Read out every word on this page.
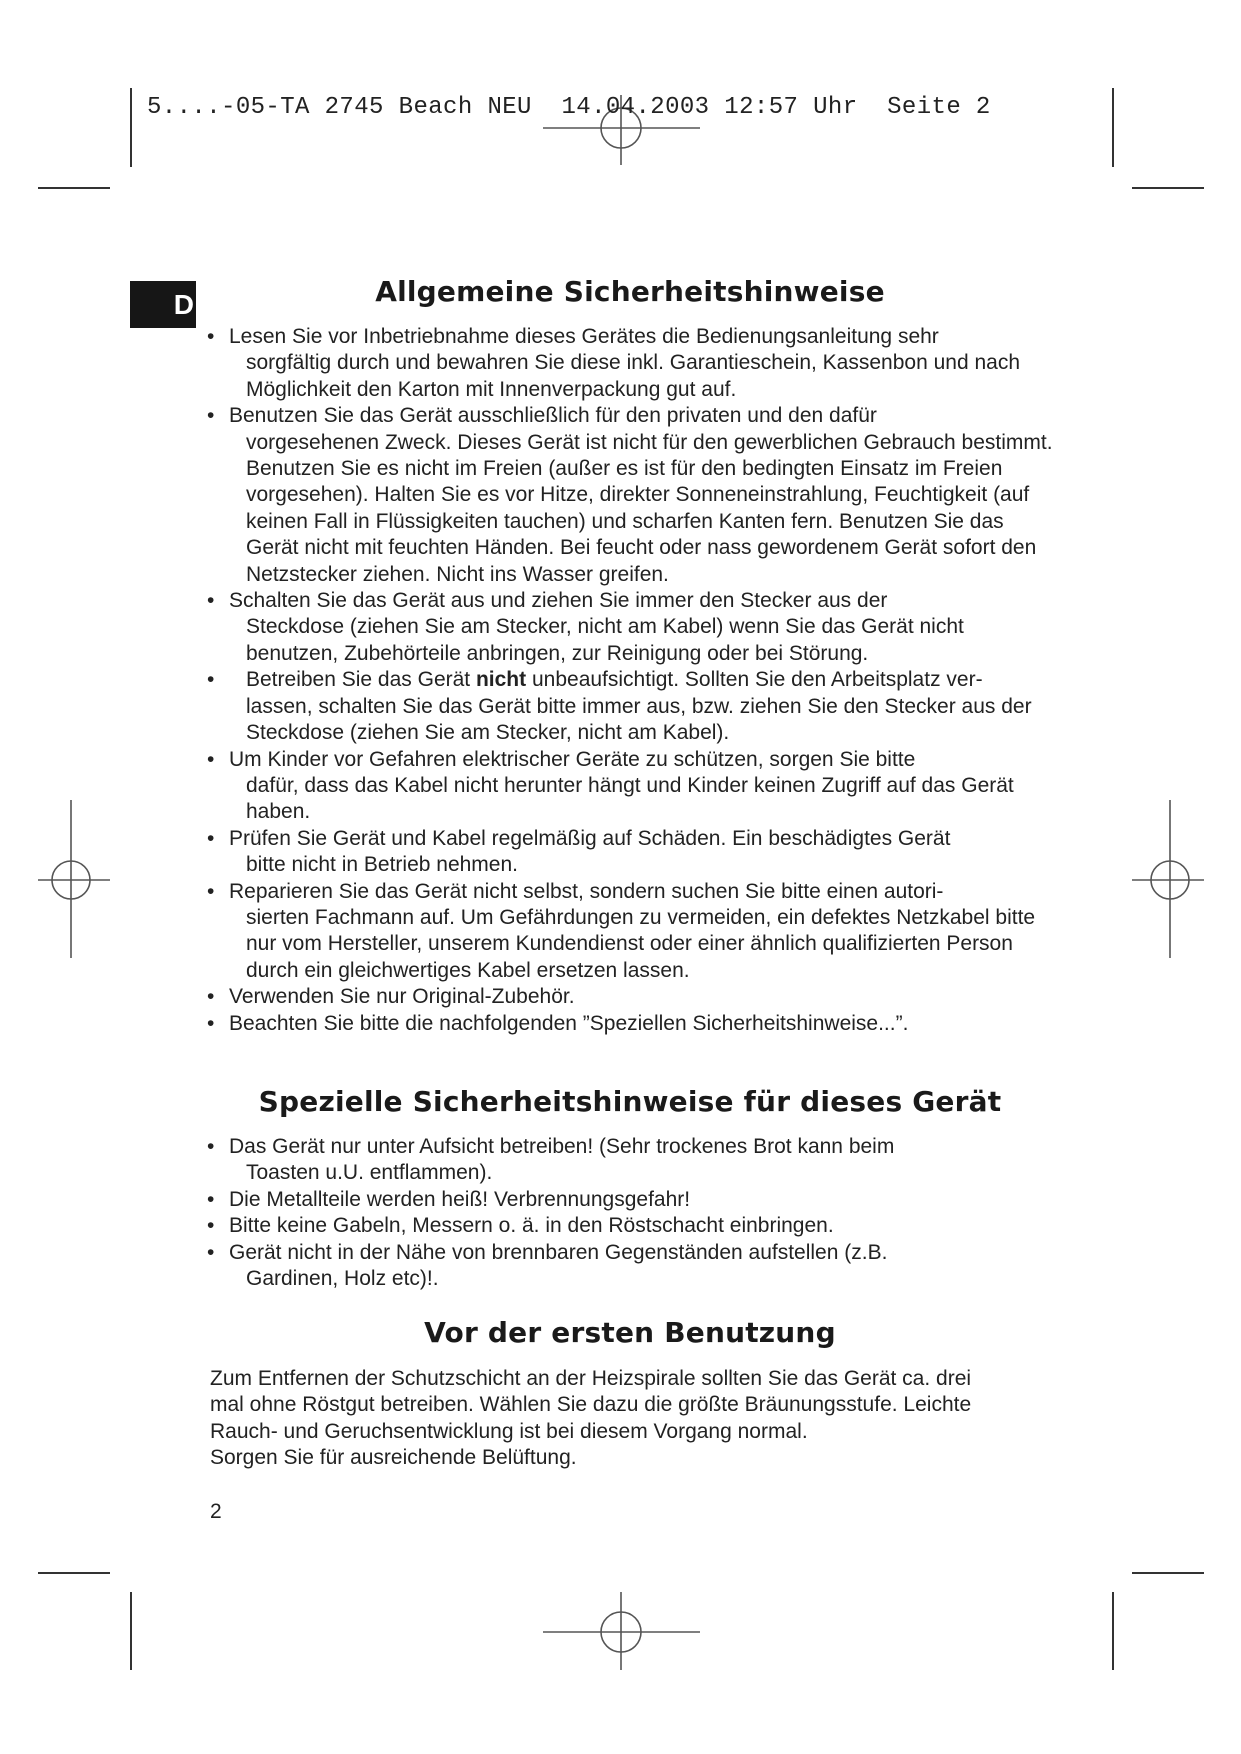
5....-05-TA 2745 Beach NEU  14.04.2003 12:57 Uhr  Seite 2
D	Allgemeine Sicherheitshinweise
• Lesen Sie vor Inbetriebnahme dieses Gerätes die Bedienungsanleitung sehr
sorgfältig durch und bewahren Sie diese inkl. Garantieschein, Kassenbon und nach Möglichkeit den Karton mit Innenverpackung gut auf.
• Benutzen Sie das Gerät ausschließlich für den privaten und den dafür
vorgesehenen Zweck. Dieses Gerät ist nicht für den gewerblichen Gebrauch bestimmt. Benutzen Sie es nicht im Freien (außer es ist für den bedingten Einsatz im Freien vorgesehen). Halten Sie es vor Hitze, direkter Sonneneinstrahlung, Feuchtigkeit (auf keinen Fall in Flüssigkeiten tauchen) und scharfen Kanten fern. Benutzen Sie das Gerät nicht mit feuchten Händen. Bei feucht oder nass gewordenem Gerät sofort den Netzstecker ziehen. Nicht ins Wasser greifen.
• Schalten Sie das Gerät aus und ziehen Sie immer den Stecker aus der
Steckdose (ziehen Sie am Stecker, nicht am Kabel) wenn Sie das Gerät nicht benutzen, Zubehörteile anbringen, zur Reinigung oder bei Störung.
•	Betreiben Sie das Gerät nicht unbeaufsichtigt. Sollten Sie den Arbeitsplatz ver-
lassen, schalten Sie das Gerät bitte immer aus, bzw. ziehen Sie den Stecker aus der Steckdose (ziehen Sie am Stecker, nicht am Kabel).
• Um Kinder vor Gefahren elektrischer Geräte zu schützen, sorgen Sie bitte
dafür, dass das Kabel nicht herunter hängt und Kinder keinen Zugriff auf das Gerät haben.
• Prüfen Sie Gerät und Kabel regelmäßig auf Schäden. Ein beschädigtes Gerät
bitte nicht in Betrieb nehmen.
• Reparieren Sie das Gerät nicht selbst, sondern suchen Sie bitte einen autori-
sierten Fachmann auf. Um Gefährdungen zu vermeiden, ein defektes Netzkabel bitte nur vom Hersteller, unserem Kundendienst oder einer ähnlich qualifizierten Person durch ein gleichwertiges Kabel ersetzen lassen.
• Verwenden Sie nur Original-Zubehör.
• Beachten Sie bitte die nachfolgenden ”Speziellen Sicherheitshinweise...”.
Spezielle Sicherheitshinweise für dieses Gerät
• Das Gerät nur unter Aufsicht betreiben! (Sehr trockenes Brot kann beim
Toasten u.U. entflammen).
• Die Metallteile werden heiß! Verbrennungsgefahr!
• Bitte keine Gabeln, Messern o. ä. in den Röstschacht einbringen.
• Gerät nicht in der Nähe von brennbaren Gegenständen aufstellen (z.B.
Gardinen, Holz etc)!.
Vor der ersten Benutzung

Zum Entfernen der Schutzschicht an der Heizspirale sollten Sie das Gerät ca. drei
mal ohne Röstgut betreiben. Wählen Sie dazu die größte Bräunungsstufe. Leichte
Rauch- und Geruchsentwicklung ist bei diesem Vorgang normal.
Sorgen Sie für ausreichende Belüftung.

2
